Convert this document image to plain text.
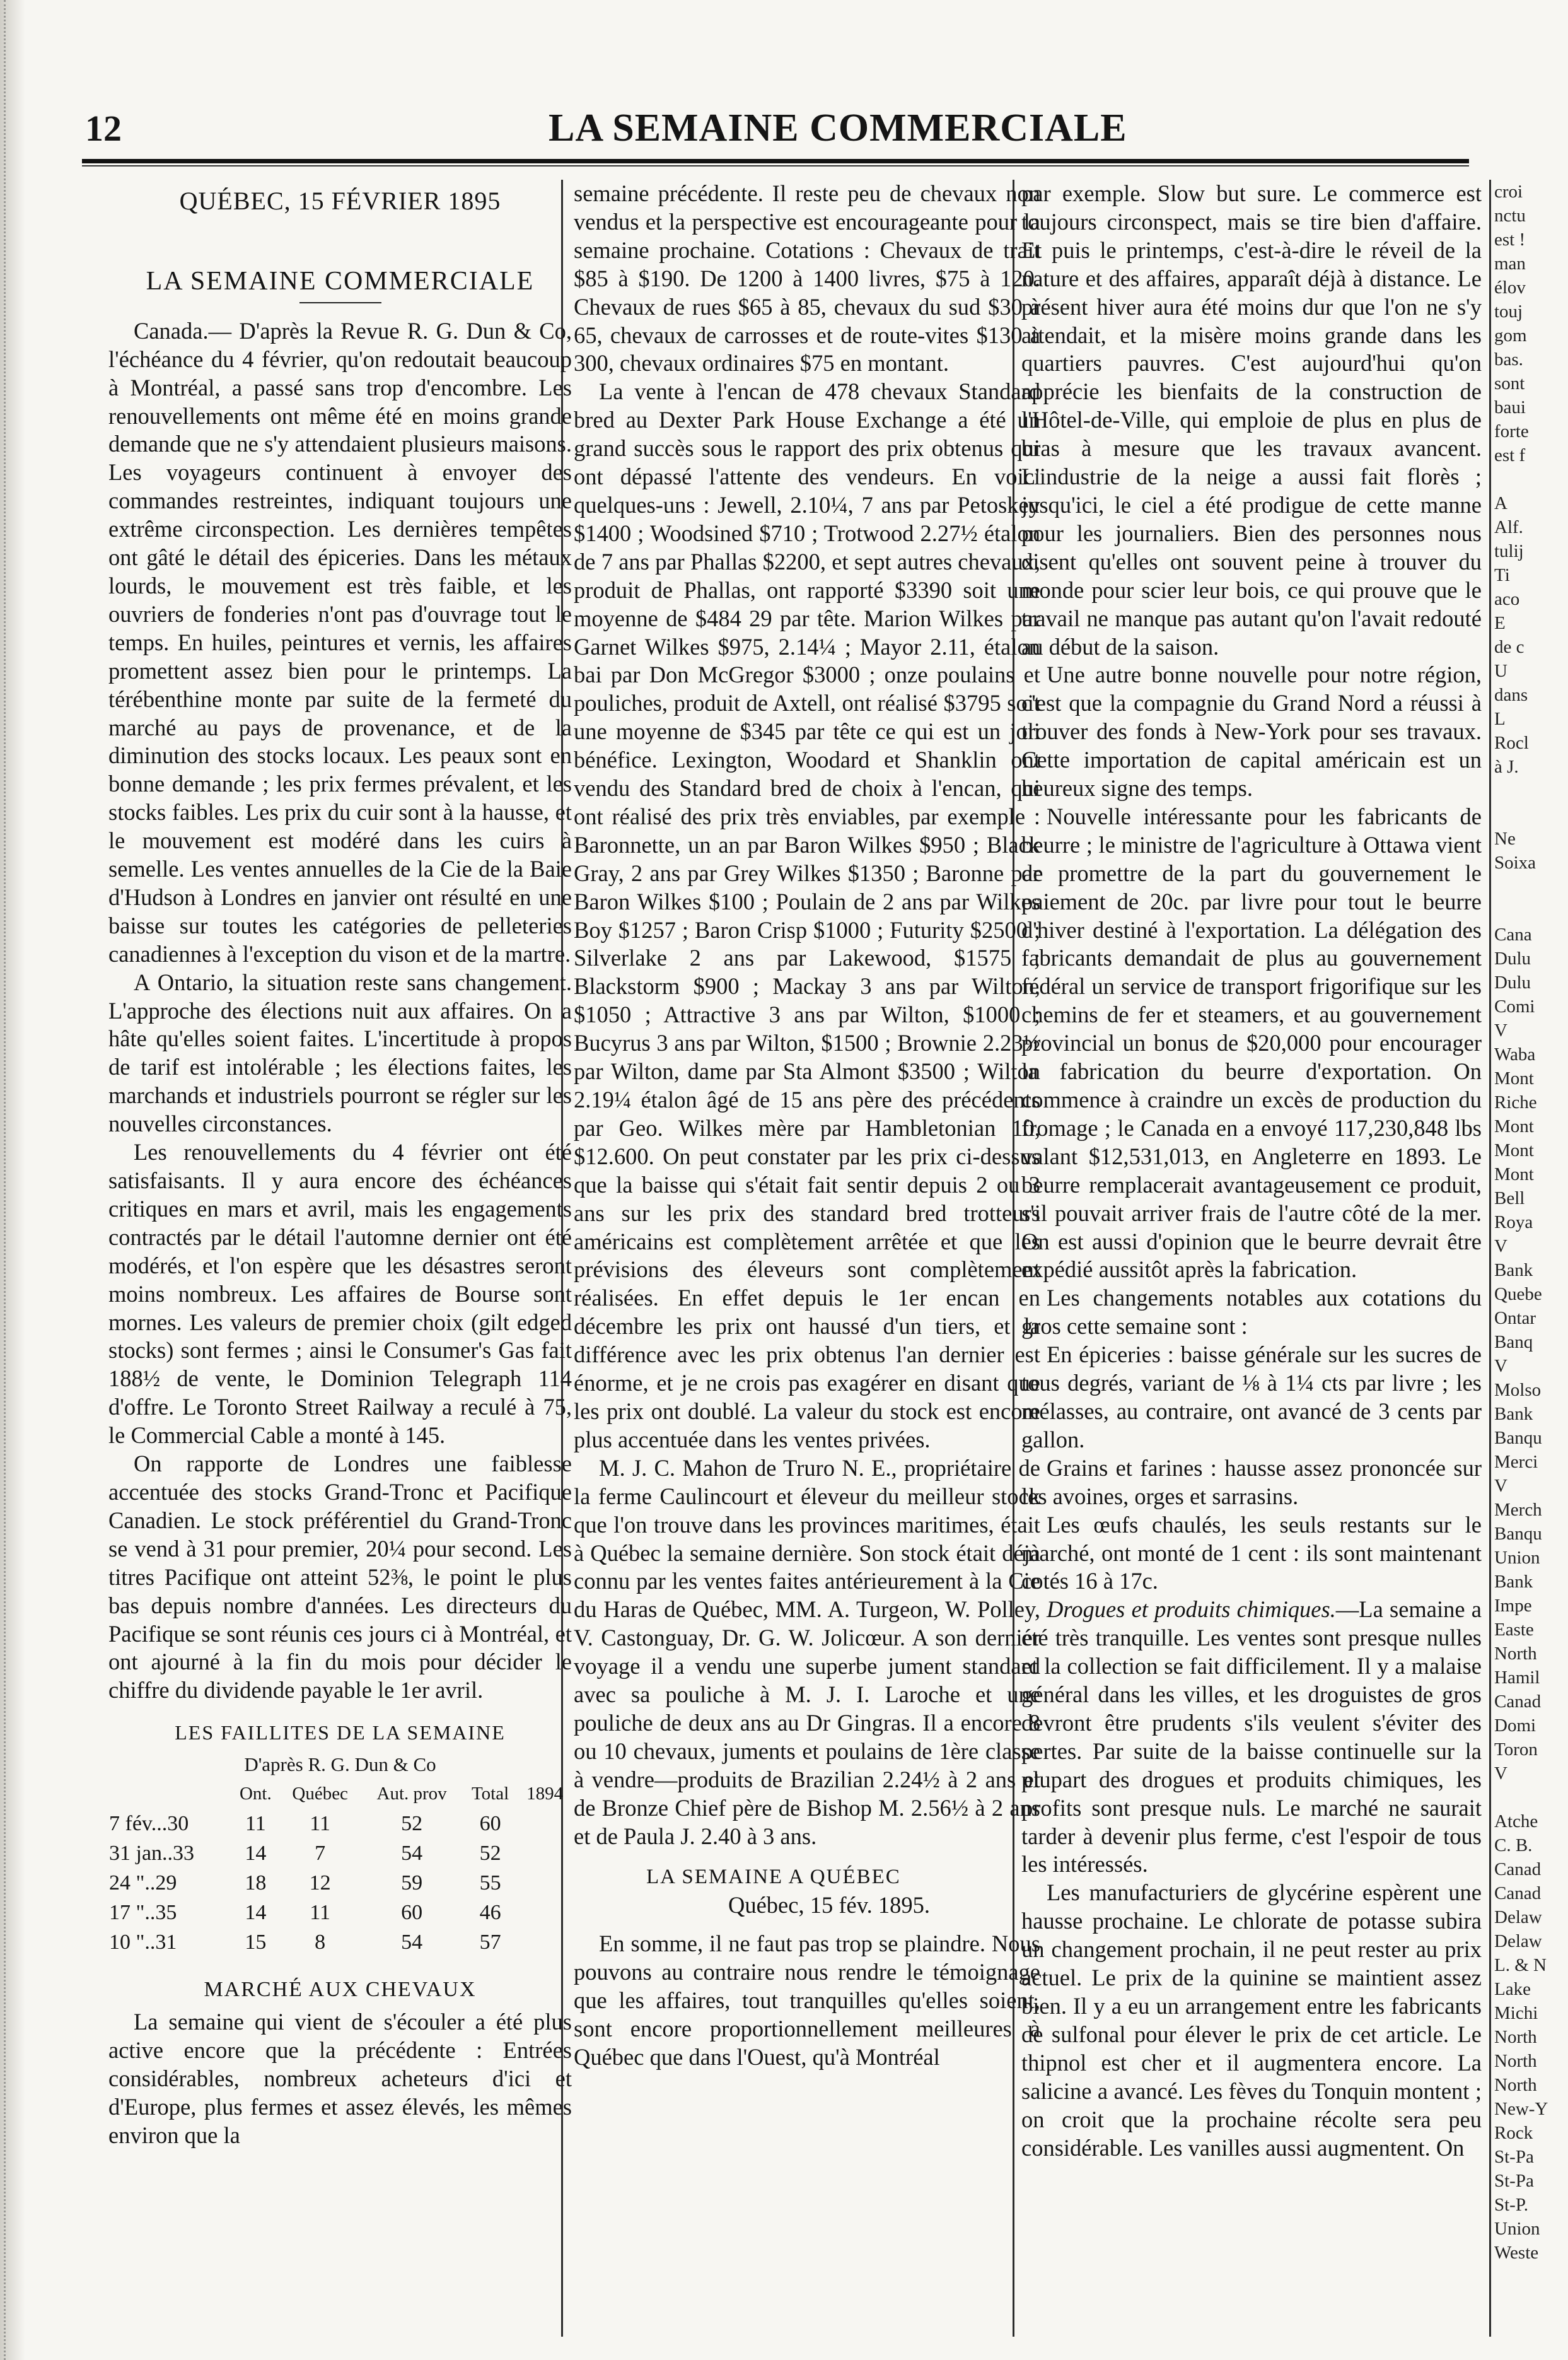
12	LA SEMAINE COMMERCIALE
QUÉBEC, 15 FÉVRIER 1895
LA SEMAINE COMMERCIALE

Canada.— D'après la Revue R. G. Dun & Co, l'échéance du 4 février, qu'on redoutait beaucoup à Montréal, a passé sans trop d'encombre. Les renouvellements ont même été en moins grande demande que ne s'y attendaient plusieurs maisons. Les voyageurs continuent à envoyer des commandes restreintes, indiquant toujours une extrême circonspection. Les dernières tempêtes ont gâté le détail des épiceries. Dans les métaux lourds, le mouvement est très faible, et les ouvriers de fonderies n'ont pas d'ouvrage tout le temps. En huiles, peintures et vernis, les affaires promettent assez bien pour le printemps. La térébenthine monte par suite de la fermeté du marché au pays de provenance, et de la diminution des stocks locaux. Les peaux sont en bonne demande ; les prix fermes prévalent, et les stocks faibles. Les prix du cuir sont à la hausse, et le mouvement est modéré dans les cuirs à semelle. Les ventes annuelles de la Cie de la Baie d'Hudson à Londres en janvier ont résulté en une baisse sur toutes les catégories de pelleteries canadiennes à l'exception du vison et de la martre.

A Ontario, la situation reste sans changement. L'approche des élections nuit aux affaires. On a hâte qu'elles soient faites. L'incertitude à propos de tarif est intolérable ; les élections faites, les marchands et industriels pourront se régler sur les nouvelles circonstances.

Les renouvellements du 4 février ont été satisfaisants. Il y aura encore des échéances critiques en mars et avril, mais les engagements contractés par le détail l'automne dernier ont été modérés, et l'on espère que les désastres seront moins nombreux. Les affaires de Bourse sont mornes. Les valeurs de premier choix (gilt edged stocks) sont fermes ; ainsi le Consumer's Gas fait 188½ de vente, le Dominion Telegraph 114 d'offre. Le Toronto Street Railway a reculé à 75, le Commercial Cable a monté à 145.

On rapporte de Londres une faiblesse accentuée des stocks Grand-Tronc et Pacifique Canadien. Le stock préférentiel du Grand-Tronc se vend à 31 pour premier, 20¼ pour second. Les titres Pacifique ont atteint 52⅜, le point le plus bas depuis nombre d'années. Les directeurs du Pacifique se sont réunis ces jours ci à Montréal, et ont ajourné à la fin du mois pour décider le chiffre du dividende payable le 1er avril.

LES FAILLITES DE LA SEMAINE
D'après R. G. Dun & Co
	Ont.	Québec	Aut. prov	Total	1894
7 fév...30	11	11	52	60	
31 jan..33	14	7	54	52	
24 "..29	18	12	59	55	
17 "..35	14	11	60	46	
10 "..31	15	8	54	57	
MARCHÉ AUX CHEVAUX

La semaine qui vient de s'écouler a été plus active encore que la précédente : Entrées considérables, nombreux acheteurs d'ici et d'Europe, plus fermes et assez élevés, les mêmes environ que la

semaine précédente. Il reste peu de chevaux non vendus et la perspective est encourageante pour la semaine prochaine. Cotations : Chevaux de trait $85 à $190. De 1200 à 1400 livres, $75 à 120. Chevaux de rues $65 à 85, chevaux du sud $30 à 65, chevaux de carrosses et de route-vites $130 à 300, chevaux ordinaires $75 en montant.

La vente à l'encan de 478 chevaux Standard bred au Dexter Park House Exchange a été un grand succès sous le rapport des prix obtenus qui ont dépassé l'attente des vendeurs. En voici quelques-uns : Jewell, 2.10¼, 7 ans par Petoskey $1400 ; Woodsined $710 ; Trotwood 2.27½ étalon de 7 ans par Phallas $2200, et sept autres chevaux, produit de Phallas, ont rapporté $3390 soit une moyenne de $484 29 par tête. Marion Wilkes par Garnet Wilkes $975, 2.14¼ ; Mayor 2.11, étalon bai par Don McGregor $3000 ; onze poulains et pouliches, produit de Axtell, ont réalisé $3795 soit une moyenne de $345 par tête ce qui est un joli bénéfice. Lexington, Woodard et Shanklin ont vendu des Standard bred de choix à l'encan, qui ont réalisé des prix très enviables, par exemple : Baronnette, un an par Baron Wilkes $950 ; Black Gray, 2 ans par Grey Wilkes $1350 ; Baronne par Baron Wilkes $100 ; Poulain de 2 ans par Wilkes Boy $1257 ; Baron Crisp $1000 ; Futurity $2500 ; Silverlake 2 ans par Lakewood, $1575 ; Blackstorm $900 ; Mackay 3 ans par Wilton, $1050 ; Attractive 3 ans par Wilton, $1000 ; Bucyrus 3 ans par Wilton, $1500 ; Brownie 2.23½ par Wilton, dame par Sta Almont $3500 ; Wilton 2.19¼ étalon âgé de 15 ans père des précédents par Geo. Wilkes mère par Hambletonian 10, $12.600. On peut constater par les prix ci-dessus que la baisse qui s'était fait sentir depuis 2 ou 3 ans sur les prix des standard bred trotteurs américains est complètement arrêtée et que les prévisions des éleveurs sont complètement réalisées. En effet depuis le 1er encan en décembre les prix ont haussé d'un tiers, et la différence avec les prix obtenus l'an dernier est énorme, et je ne crois pas exagérer en disant que les prix ont doublé. La valeur du stock est encore plus accentuée dans les ventes privées.

M. J. C. Mahon de Truro N. E., propriétaire de la ferme Caulincourt et éleveur du meilleur stock que l'on trouve dans les provinces maritimes, était à Québec la semaine dernière. Son stock était déjà connu par les ventes faites antérieurement à la Cie du Haras de Québec, MM. A. Turgeon, W. Polley, V. Castonguay, Dr. G. W. Jolicœur. A son dernier voyage il a vendu une superbe jument standard avec sa pouliche à M. J. I. Laroche et une pouliche de deux ans au Dr Gingras. Il a encore 8 ou 10 chevaux, juments et poulains de 1ère classe à vendre—produits de Brazilian 2.24½ à 2 ans et de Bronze Chief père de Bishop M. 2.56½ à 2 ans et de Paula J. 2.40 à 3 ans.

LA SEMAINE A QUÉBEC
Québec, 15 fév. 1895.

En somme, il ne faut pas trop se plaindre. Nous pouvons au contraire nous rendre le témoignage que les affaires, tout tranquilles qu'elles soient, sont encore proportionnellement meilleures à Québec que dans l'Ouest, qu'à Montréal

par exemple. Slow but sure. Le commerce est toujours circonspect, mais se tire bien d'affaire. Et puis le printemps, c'est-à-dire le réveil de la nature et des affaires, apparaît déjà à distance. Le présent hiver aura été moins dur que l'on ne s'y attendait, et la misère moins grande dans les quartiers pauvres. C'est aujourd'hui qu'on apprécie les bienfaits de la construction de l'Hôtel-de-Ville, qui emploie de plus en plus de bras à mesure que les travaux avancent. L'industrie de la neige a aussi fait florès ; jusqu'ici, le ciel a été prodigue de cette manne pour les journaliers. Bien des personnes nous disent qu'elles ont souvent peine à trouver du monde pour scier leur bois, ce qui prouve que le travail ne manque pas autant qu'on l'avait redouté au début de la saison.

Une autre bonne nouvelle pour notre région, c'est que la compagnie du Grand Nord a réussi à trouver des fonds à New-York pour ses travaux. Cette importation de capital américain est un heureux signe des temps.

Nouvelle intéressante pour les fabricants de beurre ; le ministre de l'agriculture à Ottawa vient de promettre de la part du gouvernement le paiement de 20c. par livre pour tout le beurre d'hiver destiné à l'exportation. La délégation des fabricants demandait de plus au gouvernement fédéral un service de transport frigorifique sur les chemins de fer et steamers, et au gouvernement provincial un bonus de $20,000 pour encourager la fabrication du beurre d'exportation. On commence à craindre un excès de production du fromage ; le Canada en a envoyé 117,230,848 lbs valant $12,531,013, en Angleterre en 1893. Le beurre remplacerait avantageusement ce produit, s'il pouvait arriver frais de l'autre côté de la mer. On est aussi d'opinion que le beurre devrait être expédié aussitôt après la fabrication.

Les changements notables aux cotations du gros cette semaine sont :

En épiceries : baisse générale sur les sucres de tous degrés, variant de ⅛ à 1¼ cts par livre ; les mélasses, au contraire, ont avancé de 3 cents par gallon.

Grains et farines : hausse assez prononcée sur les avoines, orges et sarrasins.

Les œufs chaulés, les seuls restants sur le marché, ont monté de 1 cent : ils sont maintenant cotés 16 à 17c.

Drogues et produits chimiques.—La semaine a été très tranquille. Les ventes sont presque nulles et la collection se fait difficilement. Il y a malaise général dans les villes, et les droguistes de gros devront être prudents s'ils veulent s'éviter des pertes. Par suite de la baisse continuelle sur la plupart des drogues et produits chimiques, les profits sont presque nuls. Le marché ne saurait tarder à devenir plus ferme, c'est l'espoir de tous les intéressés.

Les manufacturiers de glycérine espèrent une hausse prochaine. Le chlorate de potasse subira un changement prochain, il ne peut rester au prix actuel. Le prix de la quinine se maintient assez bien. Il y a eu un arrangement entre les fabricants de sulfonal pour élever le prix de cet article. Le thipnol est cher et il augmentera encore. La salicine a avancé. Les fèves du Tonquin montent ; on croit que la prochaine récolte sera peu considérable. Les vanilles aussi augmentent. On

croi
nctu
est !
man
élov
touj
gom
bas.
sont
baui
forte
est f

A
Alf.
tulij
Ti
aco
E
de c
U
dans
L
Rocl
à J.

Ne
Soixa

Cana
Dulu
Dulu
Comi
V
Waba
Mont
Riche
Mont
Mont
Mont
Bell
Roya
V
Bank
Quebe
Ontar
Banq
V
Molso
Bank
Banqu
Merci
V
Merch
Banqu
Union
Bank
Impe
Easte
North
Hamil
Canad
Domi
Toron
V

Atche
C. B.
Canad
Canad
Delaw
Delaw
L. & N
Lake
Michi
North
North
North
New-Y
Rock
St-Pa
St-Pa
St-P.
Union
Weste
